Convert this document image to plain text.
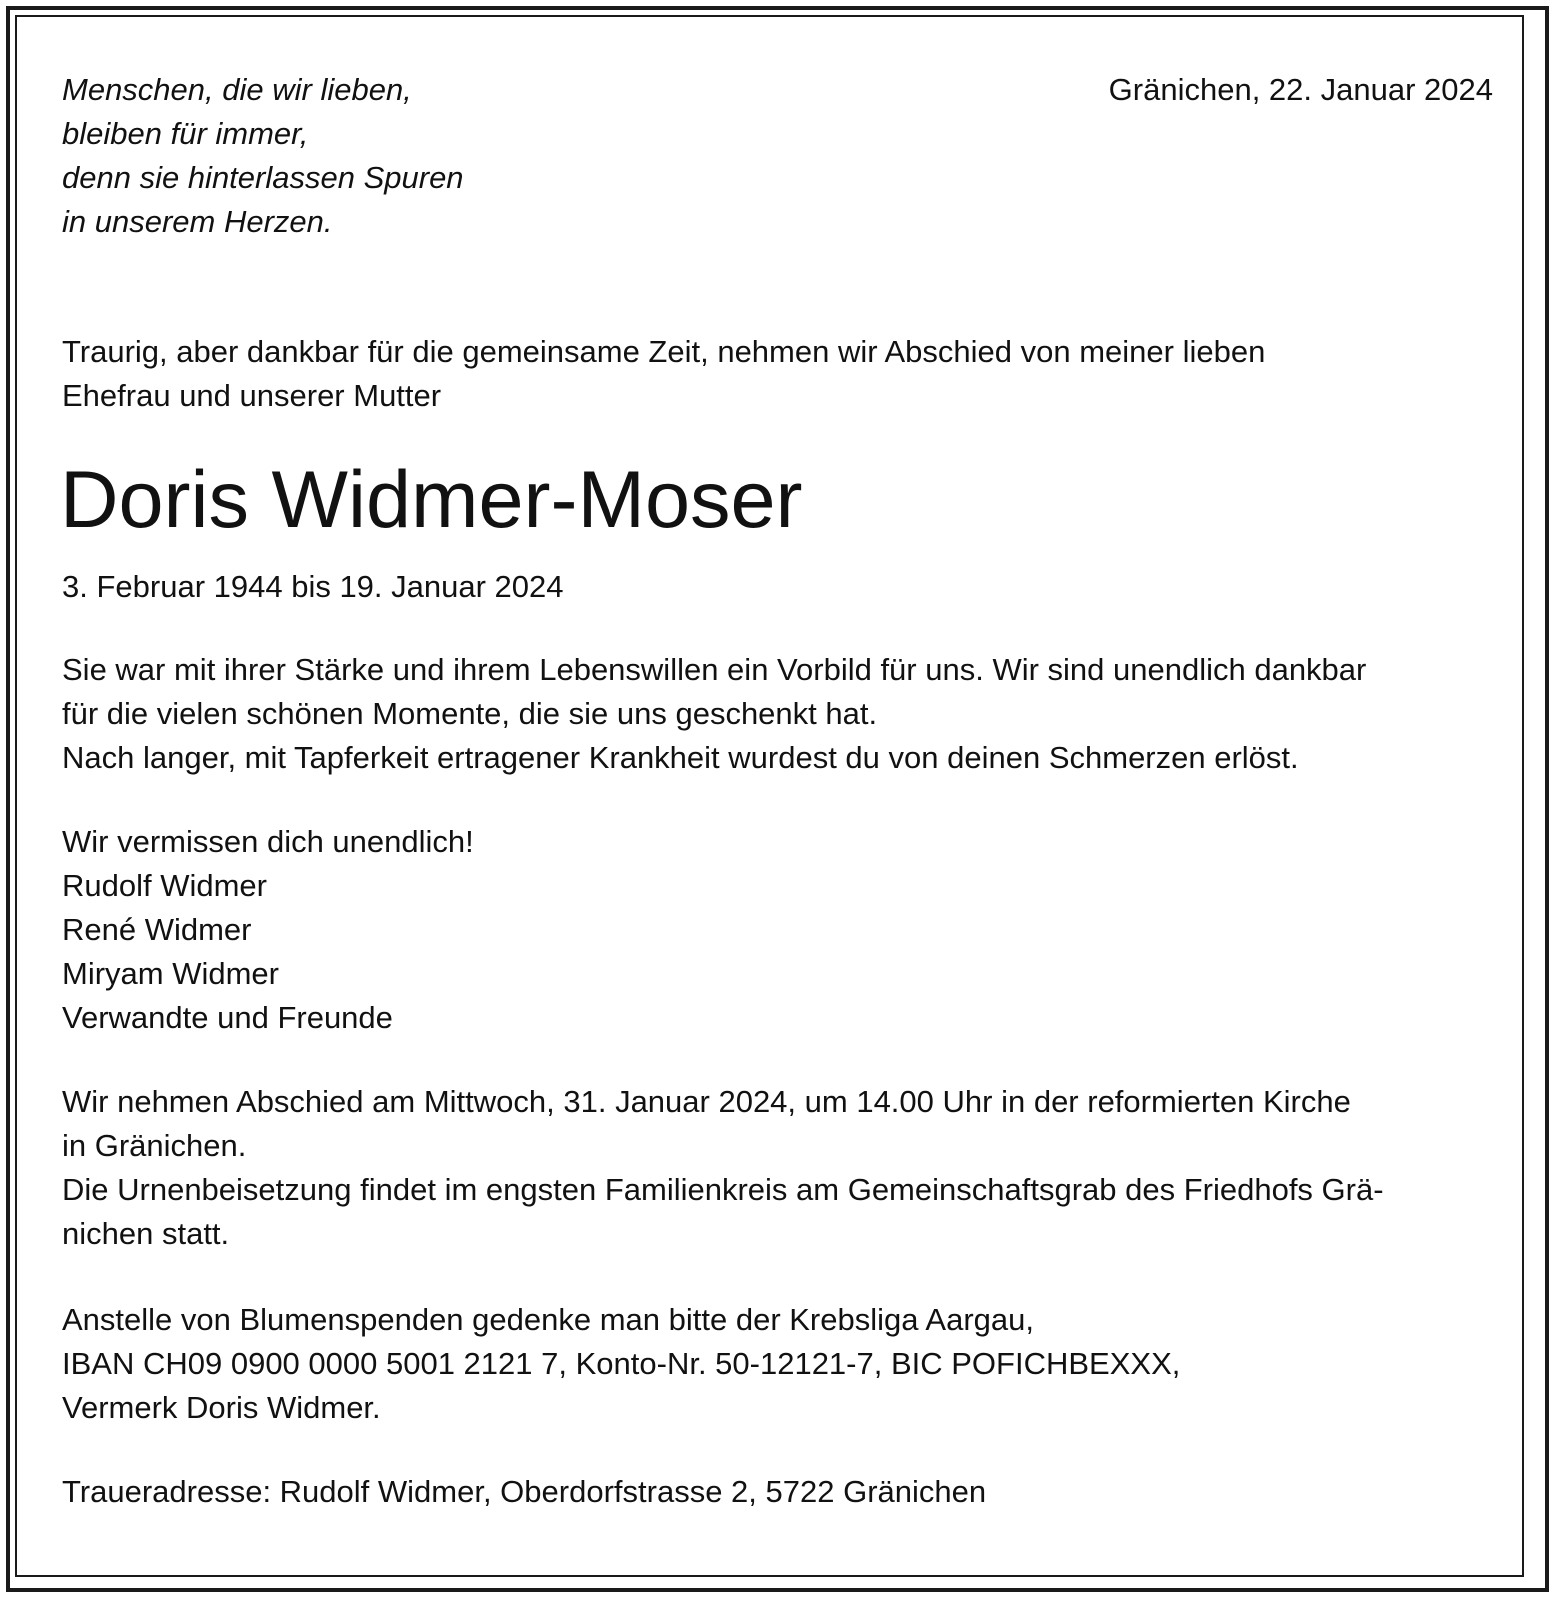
Menschen, die wir lieben,
bleiben für immer,
denn sie hinterlassen Spuren
in unserem Herzen.
Gränichen, 22. Januar 2024
Traurig, aber dankbar für die gemeinsame Zeit, nehmen wir Abschied von meiner lieben
Ehefrau und unserer Mutter
Doris Widmer-Moser
3. Februar 1944 bis 19. Januar 2024
Sie war mit ihrer Stärke und ihrem Lebenswillen ein Vorbild für uns. Wir sind unendlich dankbar
für die vielen schönen Momente, die sie uns geschenkt hat.
Nach langer, mit Tapferkeit ertragener Krankheit wurdest du von deinen Schmerzen erlöst.
Wir vermissen dich unendlich!
Rudolf Widmer
René Widmer
Miryam Widmer
Verwandte und Freunde
Wir nehmen Abschied am Mittwoch, 31. Januar 2024, um 14.00 Uhr in der reformierten Kirche
in Gränichen.
Die Urnenbeisetzung findet im engsten Familienkreis am Gemeinschaftsgrab des Friedhofs Grä-
nichen statt.
Anstelle von Blumenspenden gedenke man bitte der Krebsliga Aargau,
IBAN CH09 0900 0000 5001 2121 7, Konto-Nr. 50-12121-7, BIC POFICHBEXXX,
Vermerk Doris Widmer.
Traueradresse: Rudolf Widmer, Oberdorfstrasse 2, 5722 Gränichen
